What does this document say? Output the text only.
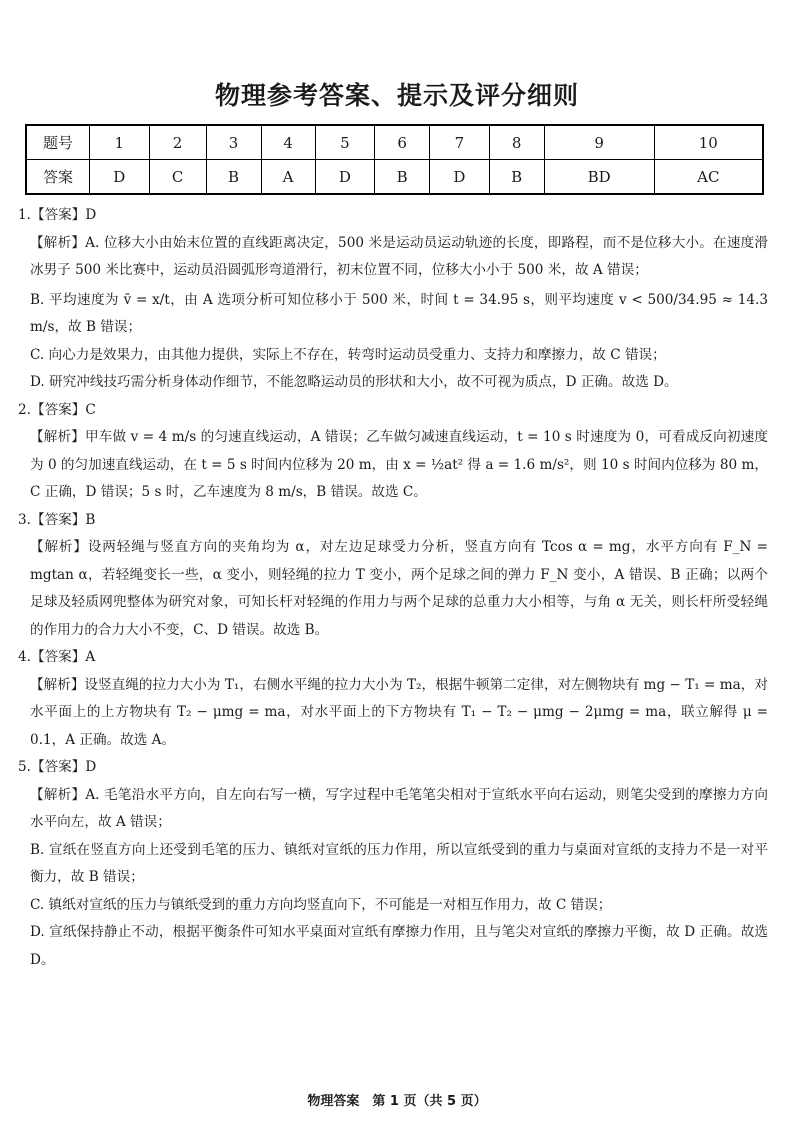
物理参考答案、提示及评分细则
题号	1	2	3	4	5	6	7	8	9	10
答案	D	C	B	A	D	B	D	B	BD	AC

1.【答案】D

【解析】A. 位移大小由始末位置的直线距离决定，500 米是运动员运动轨迹的长度，即路程，而不是位移大小。在速度滑冰男子 500 米比赛中，运动员沿圆弧形弯道滑行，初末位置不同，位移大小小于 500 米，故 A 错误；

B. 平均速度为 v̄ = x/t，由 A 选项分析可知位移小于 500 米，时间 t = 34.95 s，则平均速度 v < 500/34.95 ≈ 14.3 m/s，故 B 错误；

C. 向心力是效果力，由其他力提供，实际上不存在，转弯时运动员受重力、支持力和摩擦力，故 C 错误；

D. 研究冲线技巧需分析身体动作细节，不能忽略运动员的形状和大小，故不可视为质点，D 正确。故选 D。

2.【答案】C

【解析】甲车做 v = 4 m/s 的匀速直线运动，A 错误；乙车做匀减速直线运动，t = 10 s 时速度为 0，可看成反向初速度为 0 的匀加速直线运动，在 t = 5 s 时间内位移为 20 m，由 x = ½at² 得 a = 1.6 m/s²，则 10 s 时间内位移为 80 m，C 正确，D 错误；5 s 时，乙车速度为 8 m/s，B 错误。故选 C。

3.【答案】B

【解析】设两轻绳与竖直方向的夹角均为 α，对左边足球受力分析，竖直方向有 Tcos α = mg，水平方向有 F_N = mgtan α，若轻绳变长一些，α 变小，则轻绳的拉力 T 变小，两个足球之间的弹力 F_N 变小，A 错误、B 正确；以两个足球及轻质网兜整体为研究对象，可知长杆对轻绳的作用力与两个足球的总重力大小相等，与角 α 无关，则长杆所受轻绳的作用力的合力大小不变，C、D 错误。故选 B。

4.【答案】A

【解析】设竖直绳的拉力大小为 T₁，右侧水平绳的拉力大小为 T₂，根据牛顿第二定律，对左侧物块有 mg − T₁ = ma，对水平面上的上方物块有 T₂ − μmg = ma，对水平面上的下方物块有 T₁ − T₂ − μmg − 2μmg = ma，联立解得 μ = 0.1，A 正确。故选 A。

5.【答案】D

【解析】A. 毛笔沿水平方向，自左向右写一横，写字过程中毛笔笔尖相对于宣纸水平向右运动，则笔尖受到的摩擦力方向水平向左，故 A 错误；

B. 宣纸在竖直方向上还受到毛笔的压力、镇纸对宣纸的压力作用，所以宣纸受到的重力与桌面对宣纸的支持力不是一对平衡力，故 B 错误；

C. 镇纸对宣纸的压力与镇纸受到的重力方向均竖直向下，不可能是一对相互作用力，故 C 错误；

D. 宣纸保持静止不动，根据平衡条件可知水平桌面对宣纸有摩擦力作用，且与笔尖对宣纸的摩擦力平衡，故 D 正确。故选 D。

物理答案　第 1 页（共 5 页）
